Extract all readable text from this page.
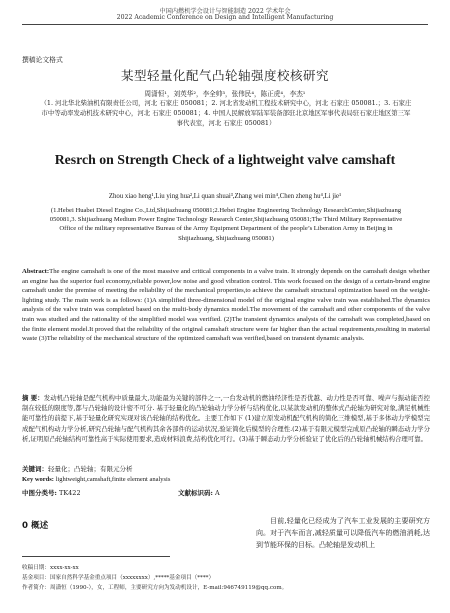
中国内燃机学会设计与智能制造 2022 学术年会
2022 Academic Conference on Design and Intelligent Manufacturing
撰稿论文格式
某型轻量化配气凸轮轴强度校核研究
周潇恒¹，刘英华²，李全帅³，张伟民⁴，陈正虎⁴，李杰¹
（1. 河北华北柴油机有限责任公司，河北 石家庄 050081；2. 河北省发动机工程技术研究中心，河北 石家庄 050081.；3. 石家庄市中等动率发动机技术研究中心，河北 石家庄 050081；4. 中国人民解放军陆军装备部驻北京地区军事代表局驻石家庄地区第三军事代表室，河北 石家庄 050081）
Resrch on Strength Check of a lightweight valve camshaft
Zhou xiao heng¹,Liu ying hua²,Li quan shuai³,Zhang wei min⁴,Chen zheng hu⁴,Li jie¹
(1.Hebei Huabei Diesel Engine Co.,Ltd,Shijiazhuang 050081;2.Hebei Engine Engineering Technology ResearchCenter,Shijiazhuang 050081,3. Shijiazhuang Medium Power Engine Technology Research Center,Shijiazhuang 050081;The Third Military Representative Office of the military representative Bureau of the Army Equipment Department of the people’s Liberation Army in Beijing in Shijiazhuang, Shijiazhuang 050081)
Abstract:The engine camshaft is one of the most massive and critical components in a valve train. It strongly depends on the camshaft design whether an engine has the superior fuel economy,reliable power,low noise and good vibration control. This work focused on the design of a certain-brand engine camshaft under the premise of meeting the reliability of the mechanical properties,to achieve the camshaft structural optimization based on the weight-lighting study. The main work is as follows: (1)A simplified three-dimensional model of the original engine valve train was established.The dynamics analysis of the valve train was completed based on the multi-body dynamics model.The movement of the camshaft and other components of the valve train was studied and the rationality of the simplified model was verified. (2)The transient dynamics analysis of the camshaft was completed,based on the finite element model.It proved that the reliability of the original camshaft structure were far higher than the actual requirements,resulting in material waste (3)The reliability of the mechanical structure of the optimized camshaft was verified,based on transient dynamic analysis.
摘 要：发动机凸轮轴是配气机构中质量最大,功能最为关键的部件之一,一台发动机的燃油经济性是否优越、动力性是否可靠、噪声与振动能否控制在较低的限度等,都与凸轮轴的设计密不可分. 基于轻量化的凸轮轴动力学分析与结构优化,以某款发动机的整体式凸轮轴为研究对象,满足机械性能可靠性的前提下,基于轻量化研究实现对该凸轮轴的结构优化。主要工作如下 (1)建立原发动机配气机构的简化三维模型,基于多体动力学模型完成配气机构动力学分析,研究凸轮轴与配气机构其余各部件的运动状况,验证简化后模型的合理性.(2)基于有限元模型完成原凸轮轴的瞬态动力学分析,证明原凸轮轴结构可靠性高于实际使用要求,造成材料浪费,结构优化可行。(3)基于瞬态动力学分析验证了优化后的凸轮轴机械结构合理可靠。
关键词：轻量化；凸轮轴；有限元分析
Key words: lightweight,camshaft,finite element analysis
中图分类号: TK422	文献标识码: A
0 概述	目前,轻量化已经成为了汽车工业发展的主要研究方向。对于汽车而言,减轻质量可以降低汽车的燃油消耗,达到节能环保的目标。凸轮轴是发动机上
收稿日期：xxxx-xx-xx
基金项目：国家自然科学基金重点项目（xxxxxxxx）,*****基金项目（****）
作者简介：周潇恒（1990-），女，工程师，主要研究方向为发动机设计，E-mail:946749119@qq.com。
